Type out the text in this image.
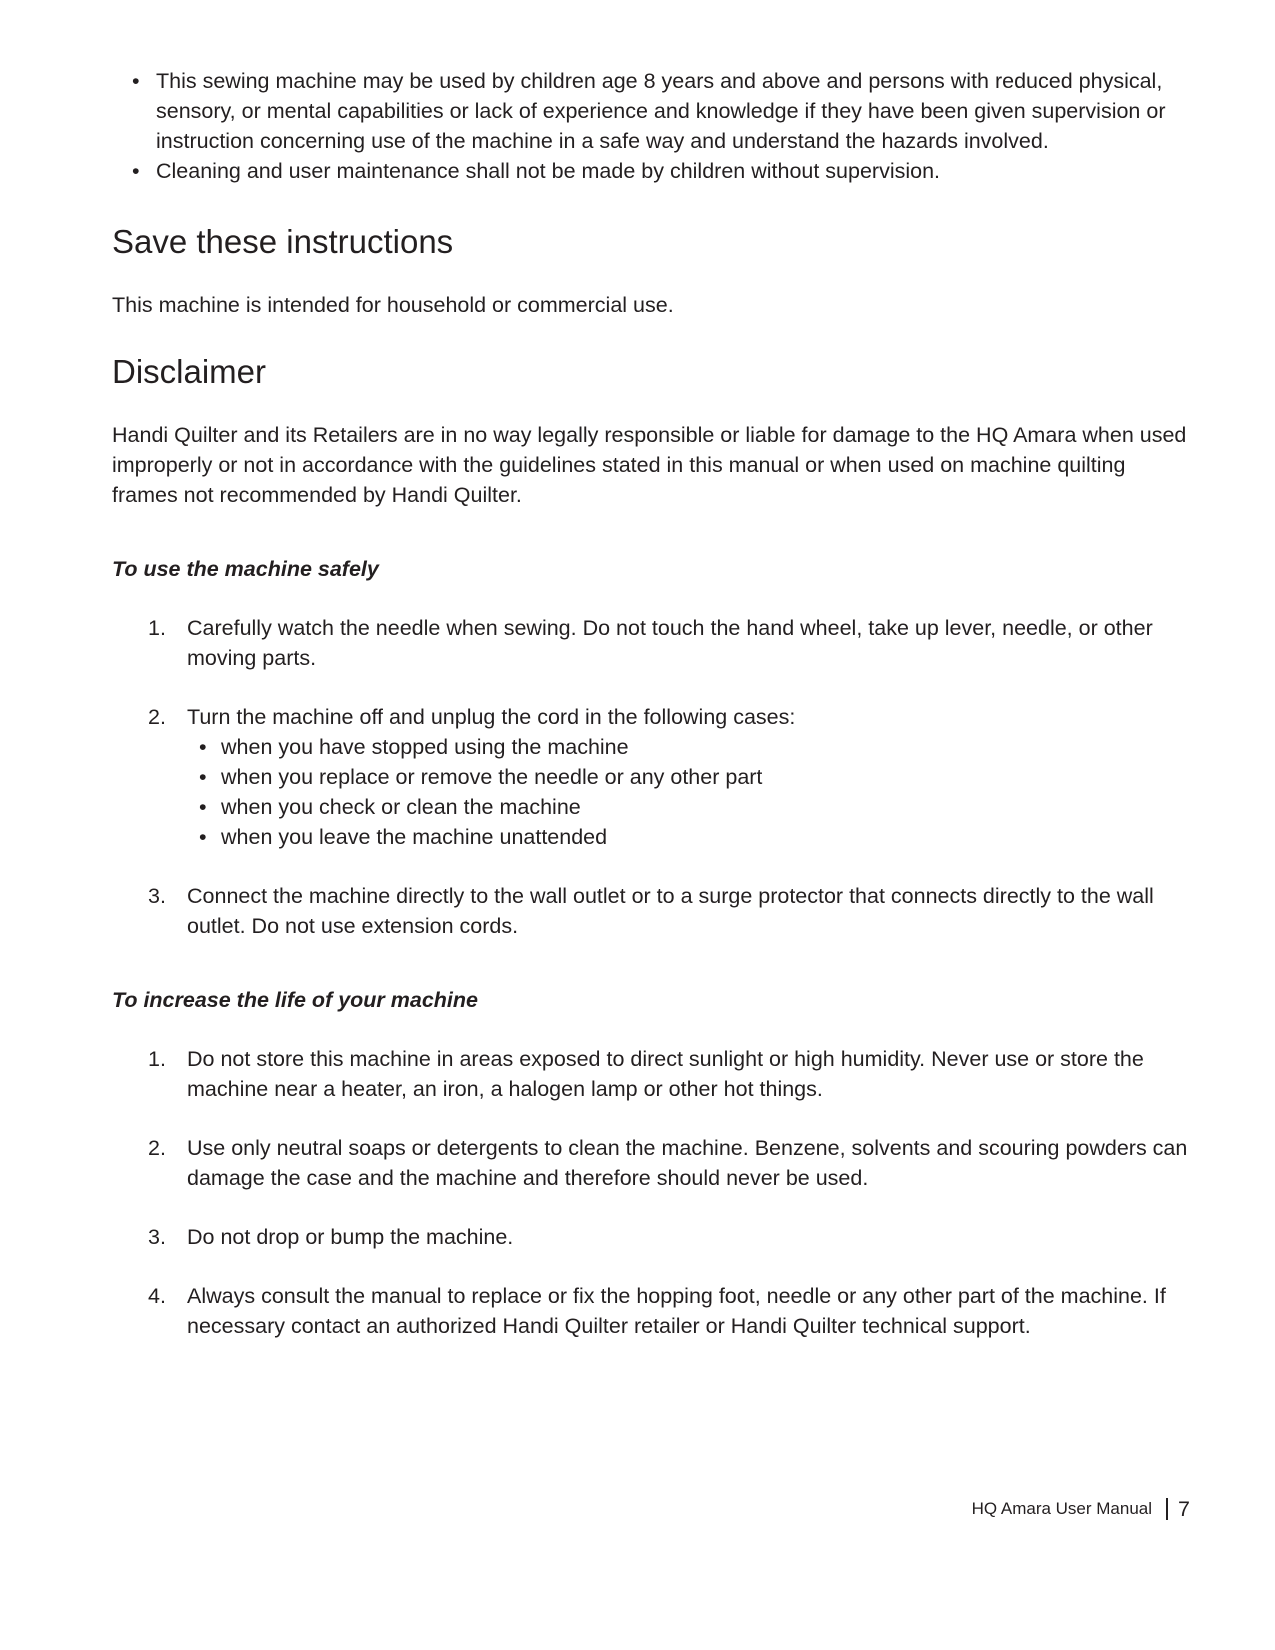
• This sewing machine may be used by children age 8 years and above and persons with reduced physical, sensory, or mental capabilities or lack of experience and knowledge if they have been given supervision or instruction concerning use of the machine in a safe way and understand the hazards involved.
• Cleaning and user maintenance shall not be made by children without supervision.
Save these instructions

This machine is intended for household or commercial use.

Disclaimer

Handi Quilter and its Retailers are in no way legally responsible or liable for damage to the HQ Amara when used improperly or not in accordance with the guidelines stated in this manual or when used on machine quilting frames not recommended by Handi Quilter.

To use the machine safely
1. Carefully watch the needle when sewing. Do not touch the hand wheel, take up lever, needle, or other moving parts.
2. Turn the machine off and unplug the cord in the following cases:
• when you have stopped using the machine
• when you replace or remove the needle or any other part
• when you check or clean the machine
• when you leave the machine unattended
3. Connect the machine directly to the wall outlet or to a surge protector that connects directly to the wall outlet. Do not use extension cords.
To increase the life of your machine
1. Do not store this machine in areas exposed to direct sunlight or high humidity. Never use or store the machine near a heater, an iron, a halogen lamp or other hot things.
2. Use only neutral soaps or detergents to clean the machine. Benzene, solvents and scouring powders can damage the case and the machine and therefore should never be used.
3. Do not drop or bump the machine.
4. Always consult the manual to replace or fix the hopping foot, needle or any other part of the machine. If necessary contact an authorized Handi Quilter retailer or Handi Quilter technical support.
HQ Amara User Manual 7
